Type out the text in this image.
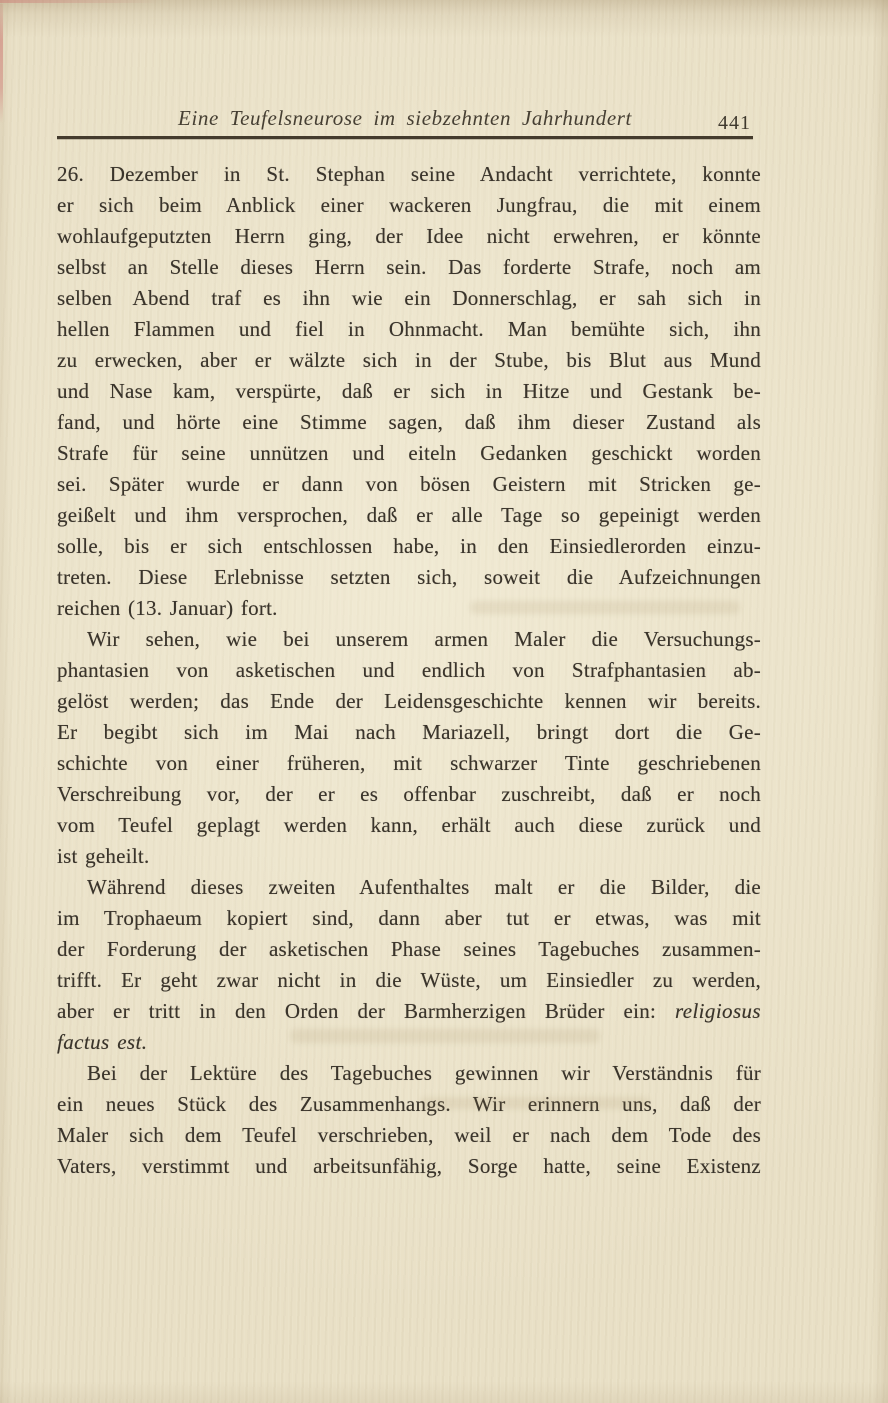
Eine Teufelsneurose im siebzehnten Jahrhundert	441
26. Dezember in St. Stephan seine Andacht verrichtete, konnte
er sich beim Anblick einer wackeren Jungfrau, die mit einem
wohlaufgeputzten Herrn ging, der Idee nicht erwehren, er könnte
selbst an Stelle dieses Herrn sein. Das forderte Strafe, noch am
selben Abend traf es ihn wie ein Donnerschlag, er sah sich in
hellen Flammen und fiel in Ohnmacht. Man bemühte sich, ihn
zu erwecken, aber er wälzte sich in der Stube, bis Blut aus Mund
und Nase kam, verspürte, daß er sich in Hitze und Gestank be-
fand, und hörte eine Stimme sagen, daß ihm dieser Zustand als
Strafe für seine unnützen und eiteln Gedanken geschickt worden
sei. Später wurde er dann von bösen Geistern mit Stricken ge-
geißelt und ihm versprochen, daß er alle Tage so gepeinigt werden
solle, bis er sich entschlossen habe, in den Einsiedlerorden einzu-
treten. Diese Erlebnisse setzten sich, soweit die Aufzeichnungen
reichen (13. Januar) fort.
Wir sehen, wie bei unserem armen Maler die Versuchungs-
phantasien von asketischen und endlich von Strafphantasien ab-
gelöst werden; das Ende der Leidensgeschichte kennen wir bereits.
Er begibt sich im Mai nach Mariazell, bringt dort die Ge-
schichte von einer früheren, mit schwarzer Tinte geschriebenen
Verschreibung vor, der er es offenbar zuschreibt, daß er noch
vom Teufel geplagt werden kann, erhält auch diese zurück und
ist geheilt.
Während dieses zweiten Aufenthaltes malt er die Bilder, die
im Trophaeum kopiert sind, dann aber tut er etwas, was mit
der Forderung der asketischen Phase seines Tagebuches zusammen-
trifft. Er geht zwar nicht in die Wüste, um Einsiedler zu werden,
aber er tritt in den Orden der Barmherzigen Brüder ein: religiosus
factus est.
Bei der Lektüre des Tagebuches gewinnen wir Verständnis für
ein neues Stück des Zusammenhangs. Wir erinnern uns, daß der
Maler sich dem Teufel verschrieben, weil er nach dem Tode des
Vaters, verstimmt und arbeitsunfähig, Sorge hatte, seine Existenz
